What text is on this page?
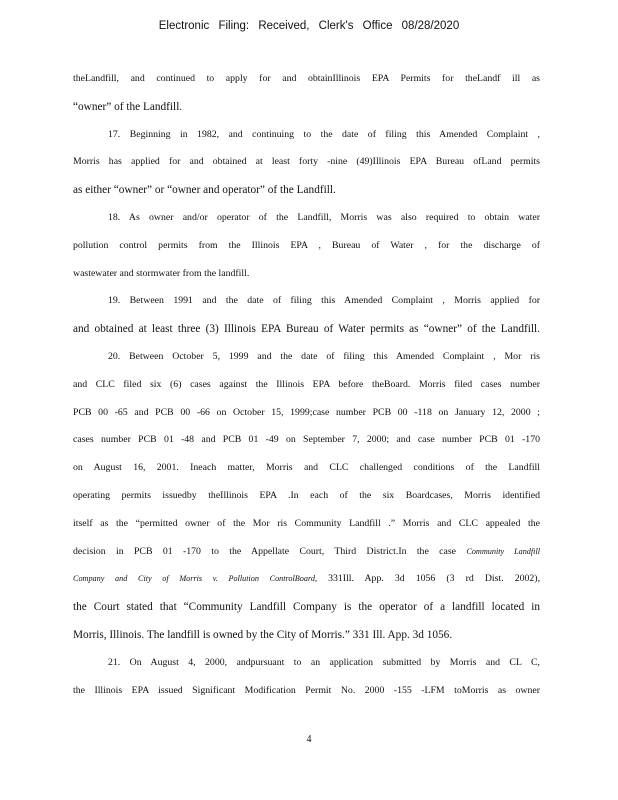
Electronic Filing: Received, Clerk's Office 08/28/2020
theLandfill, and continued to apply for and obtainIllinois EPA Permits for theLandf ill as
“owner” of the Landfill.
17. Beginning in 1982, and continuing to the date of filing this Amended Complaint ,
Morris has applied for and obtained at least forty -nine (49)Illinois EPA Bureau ofLand permits
as either “owner” or “owner and operator” of the Landfill.
18. As owner and/or operator of the Landfill, Morris was also required to obtain water
pollution control permits from the Illinois EPA , Bureau of Water , for the discharge of
wastewater and stormwater from the landfill.
19. Between 1991 and the date of filing this Amended Complaint , Morris applied for
and obtained at least three (3) Illinois EPA Bureau of Water permits as “owner” of the Landfill.
20. Between October 5, 1999 and the date of filing this Amended Complaint , Mor ris
and CLC filed six (6) cases against the Illinois EPA before theBoard. Morris filed cases number
PCB 00 -65 and PCB 00 -66 on October 15, 1999;case number PCB 00 -118 on January 12, 2000 ;
cases number PCB 01 -48 and PCB 01 -49 on September 7, 2000; and case number PCB 01 -170
on August 16, 2001. Ineach matter, Morris and CLC challenged conditions of the Landfill
operating permits issuedby theIllinois EPA .In each of the six Boardcases, Morris identified
itself as the “permitted owner of the Mor ris Community Landfill .” Morris and CLC appealed the
decision in PCB 01 -170 to the Appellate Court, Third District.In the case Community Landfill
Company and City of Morris v. Pollution ControlBoard, 331Ill. App. 3d 1056 (3 rd Dist. 2002),
the Court stated that “Community Landfill Company is the operator of a landfill located in
Morris, Illinois. The landfill is owned by the City of Morris.” 331 Ill. App. 3d 1056.
21. On August 4, 2000, andpursuant to an application submitted by Morris and CL C,
the Illinois EPA issued Significant Modification Permit No. 2000 -155 -LFM toMorris as owner
4
